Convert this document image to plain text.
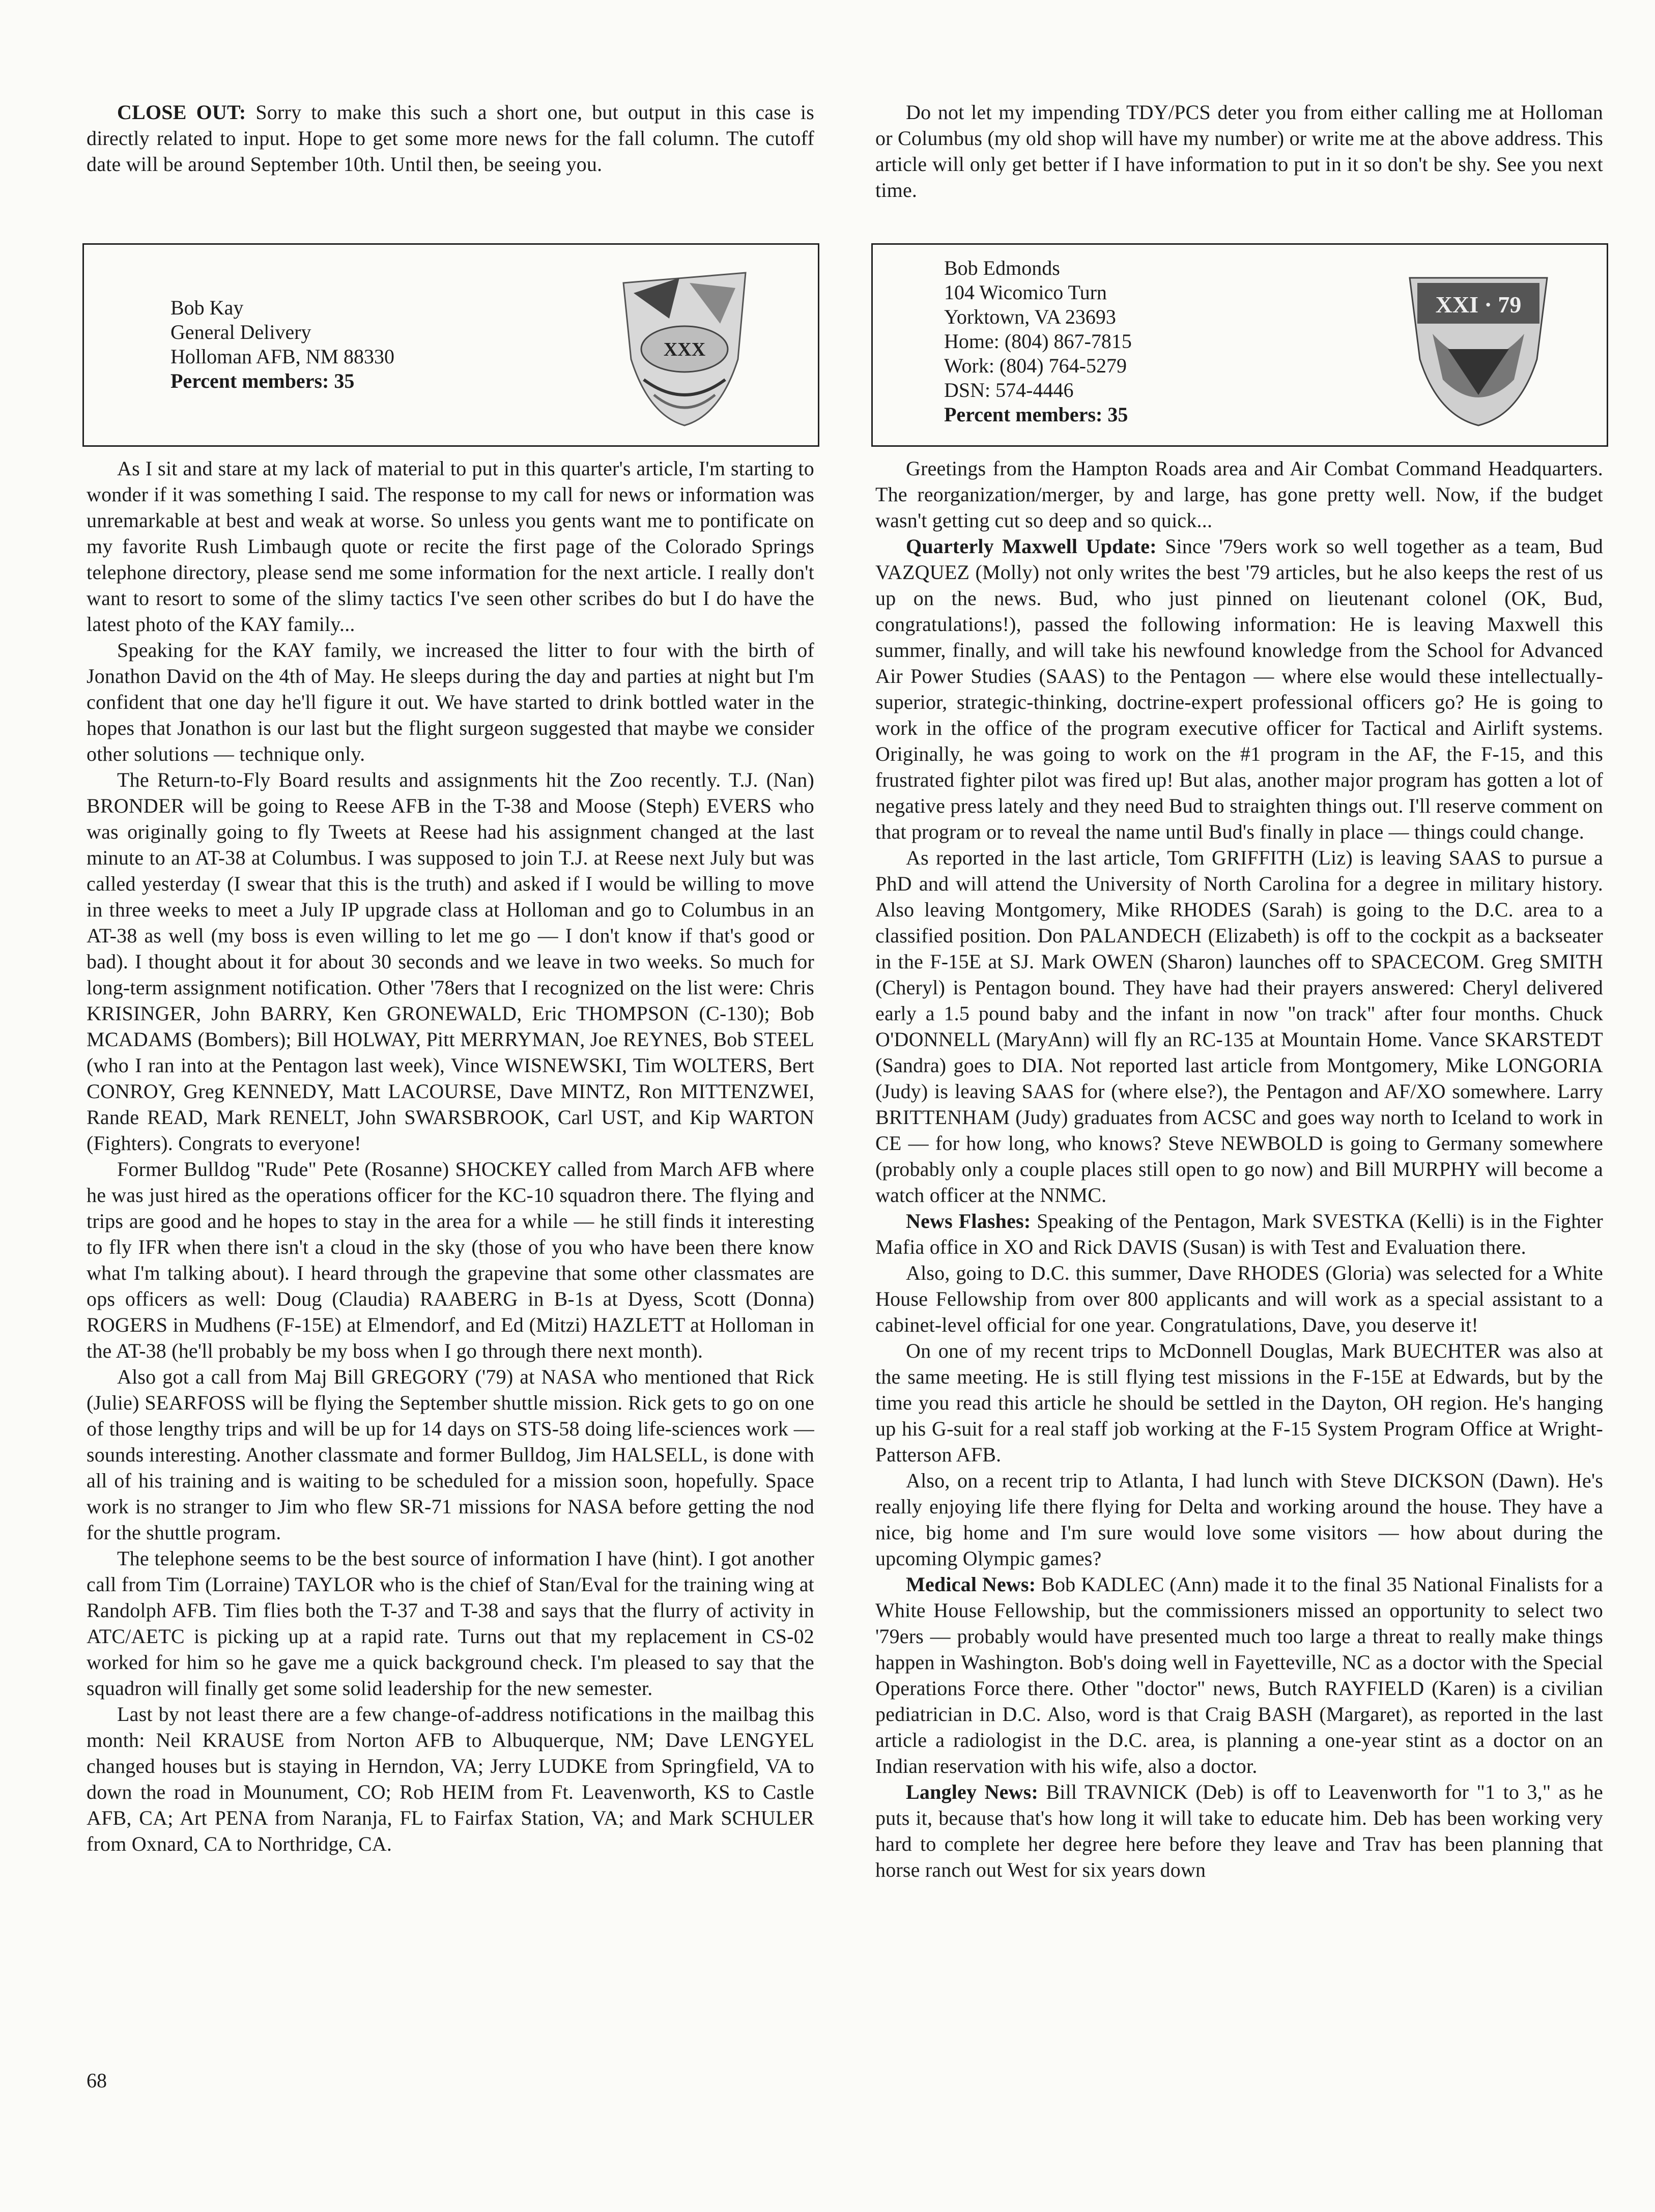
CLOSE OUT: Sorry to make this such a short one, but output in this case is directly related to input. Hope to get some more news for the fall column. The cutoff date will be around September 10th. Until then, be seeing you.

Do not let my impending TDY/PCS deter you from either calling me at Holloman or Columbus (my old shop will have my number) or write me at the above address. This article will only get better if I have information to put in it so don't be shy. See you next time.

Bob Kay
General Delivery
Holloman AFB, NM 88330
Percent members: 35
XXX
Bob Edmonds
104 Wicomico Turn
Yorktown, VA 23693
Home: (804) 867-7815
Work: (804) 764-5279
DSN: 574-4446
Percent members: 35
XXI · 79

As I sit and stare at my lack of material to put in this quarter's article, I'm starting to wonder if it was something I said. The response to my call for news or information was unremarkable at best and weak at worse. So unless you gents want me to pontificate on my favorite Rush Limbaugh quote or recite the first page of the Colorado Springs telephone directory, please send me some information for the next article. I really don't want to resort to some of the slimy tactics I've seen other scribes do but I do have the latest photo of the KAY family...

Speaking for the KAY family, we increased the litter to four with the birth of Jonathon David on the 4th of May. He sleeps during the day and parties at night but I'm confident that one day he'll figure it out. We have started to drink bottled water in the hopes that Jonathon is our last but the flight surgeon suggested that maybe we consider other solutions — technique only.

The Return-to-Fly Board results and assignments hit the Zoo recently. T.J. (Nan) BRONDER will be going to Reese AFB in the T-38 and Moose (Steph) EVERS who was originally going to fly Tweets at Reese had his assignment changed at the last minute to an AT-38 at Columbus. I was supposed to join T.J. at Reese next July but was called yesterday (I swear that this is the truth) and asked if I would be willing to move in three weeks to meet a July IP upgrade class at Holloman and go to Columbus in an AT-38 as well (my boss is even willing to let me go — I don't know if that's good or bad). I thought about it for about 30 seconds and we leave in two weeks. So much for long-term assignment notification. Other '78ers that I recognized on the list were: Chris KRISINGER, John BARRY, Ken GRONEWALD, Eric THOMPSON (C-130); Bob MCADAMS (Bombers); Bill HOLWAY, Pitt MERRYMAN, Joe REYNES, Bob STEEL (who I ran into at the Pentagon last week), Vince WISNEWSKI, Tim WOLTERS, Bert CONROY, Greg KENNEDY, Matt LACOURSE, Dave MINTZ, Ron MITTENZWEI, Rande READ, Mark RENELT, John SWARSBROOK, Carl UST, and Kip WARTON (Fighters). Congrats to everyone!

Former Bulldog "Rude" Pete (Rosanne) SHOCKEY called from March AFB where he was just hired as the operations officer for the KC-10 squadron there. The flying and trips are good and he hopes to stay in the area for a while — he still finds it interesting to fly IFR when there isn't a cloud in the sky (those of you who have been there know what I'm talking about). I heard through the grapevine that some other classmates are ops officers as well: Doug (Claudia) RAABERG in B-1s at Dyess, Scott (Donna) ROGERS in Mudhens (F-15E) at Elmendorf, and Ed (Mitzi) HAZLETT at Holloman in the AT-38 (he'll probably be my boss when I go through there next month).

Also got a call from Maj Bill GREGORY ('79) at NASA who mentioned that Rick (Julie) SEARFOSS will be flying the September shuttle mission. Rick gets to go on one of those lengthy trips and will be up for 14 days on STS-58 doing life-sciences work — sounds interesting. Another classmate and former Bulldog, Jim HALSELL, is done with all of his training and is waiting to be scheduled for a mission soon, hopefully. Space work is no stranger to Jim who flew SR-71 missions for NASA before getting the nod for the shuttle program.

The telephone seems to be the best source of information I have (hint). I got another call from Tim (Lorraine) TAYLOR who is the chief of Stan/Eval for the training wing at Randolph AFB. Tim flies both the T-37 and T-38 and says that the flurry of activity in ATC/AETC is picking up at a rapid rate. Turns out that my replacement in CS-02 worked for him so he gave me a quick background check. I'm pleased to say that the squadron will finally get some solid leadership for the new semester.

Last by not least there are a few change-of-address notifications in the mailbag this month: Neil KRAUSE from Norton AFB to Albuquerque, NM; Dave LENGYEL changed houses but is staying in Herndon, VA; Jerry LUDKE from Springfield, VA to down the road in Mounument, CO; Rob HEIM from Ft. Leavenworth, KS to Castle AFB, CA; Art PENA from Naranja, FL to Fairfax Station, VA; and Mark SCHULER from Oxnard, CA to Northridge, CA.

Greetings from the Hampton Roads area and Air Combat Command Headquarters. The reorganization/merger, by and large, has gone pretty well. Now, if the budget wasn't getting cut so deep and so quick...

Quarterly Maxwell Update: Since '79ers work so well together as a team, Bud VAZQUEZ (Molly) not only writes the best '79 articles, but he also keeps the rest of us up on the news. Bud, who just pinned on lieutenant colonel (OK, Bud, congratulations!), passed the following information: He is leaving Maxwell this summer, finally, and will take his newfound knowledge from the School for Advanced Air Power Studies (SAAS) to the Pentagon — where else would these intellectually-superior, strategic-thinking, doctrine-expert professional officers go? He is going to work in the office of the program executive officer for Tactical and Airlift systems. Originally, he was going to work on the #1 program in the AF, the F-15, and this frustrated fighter pilot was fired up! But alas, another major program has gotten a lot of negative press lately and they need Bud to straighten things out. I'll reserve comment on that program or to reveal the name until Bud's finally in place — things could change.

As reported in the last article, Tom GRIFFITH (Liz) is leaving SAAS to pursue a PhD and will attend the University of North Carolina for a degree in military history. Also leaving Montgomery, Mike RHODES (Sarah) is going to the D.C. area to a classified position. Don PALANDECH (Elizabeth) is off to the cockpit as a backseater in the F-15E at SJ. Mark OWEN (Sharon) launches off to SPACECOM. Greg SMITH (Cheryl) is Pentagon bound. They have had their prayers answered: Cheryl delivered early a 1.5 pound baby and the infant in now "on track" after four months. Chuck O'DONNELL (MaryAnn) will fly an RC-135 at Mountain Home. Vance SKARSTEDT (Sandra) goes to DIA. Not reported last article from Montgomery, Mike LONGORIA (Judy) is leaving SAAS for (where else?), the Pentagon and AF/XO somewhere. Larry BRITTENHAM (Judy) graduates from ACSC and goes way north to Iceland to work in CE — for how long, who knows? Steve NEWBOLD is going to Germany somewhere (probably only a couple places still open to go now) and Bill MURPHY will become a watch officer at the NNMC.

News Flashes: Speaking of the Pentagon, Mark SVESTKA (Kelli) is in the Fighter Mafia office in XO and Rick DAVIS (Susan) is with Test and Evaluation there.

Also, going to D.C. this summer, Dave RHODES (Gloria) was selected for a White House Fellowship from over 800 applicants and will work as a special assistant to a cabinet-level official for one year. Congratulations, Dave, you deserve it!

On one of my recent trips to McDonnell Douglas, Mark BUECHTER was also at the same meeting. He is still flying test missions in the F-15E at Edwards, but by the time you read this article he should be settled in the Dayton, OH region. He's hanging up his G-suit for a real staff job working at the F-15 System Program Office at Wright-Patterson AFB.

Also, on a recent trip to Atlanta, I had lunch with Steve DICKSON (Dawn). He's really enjoying life there flying for Delta and working around the house. They have a nice, big home and I'm sure would love some visitors — how about during the upcoming Olympic games?

Medical News: Bob KADLEC (Ann) made it to the final 35 National Finalists for a White House Fellowship, but the commissioners missed an opportunity to select two '79ers — probably would have presented much too large a threat to really make things happen in Washington. Bob's doing well in Fayetteville, NC as a doctor with the Special Operations Force there. Other "doctor" news, Butch RAYFIELD (Karen) is a civilian pediatrician in D.C. Also, word is that Craig BASH (Margaret), as reported in the last article a radiologist in the D.C. area, is planning a one-year stint as a doctor on an Indian reservation with his wife, also a doctor.

Langley News: Bill TRAVNICK (Deb) is off to Leavenworth for "1 to 3," as he puts it, because that's how long it will take to educate him. Deb has been working very hard to complete her degree here before they leave and Trav has been planning that horse ranch out West for six years down

68
